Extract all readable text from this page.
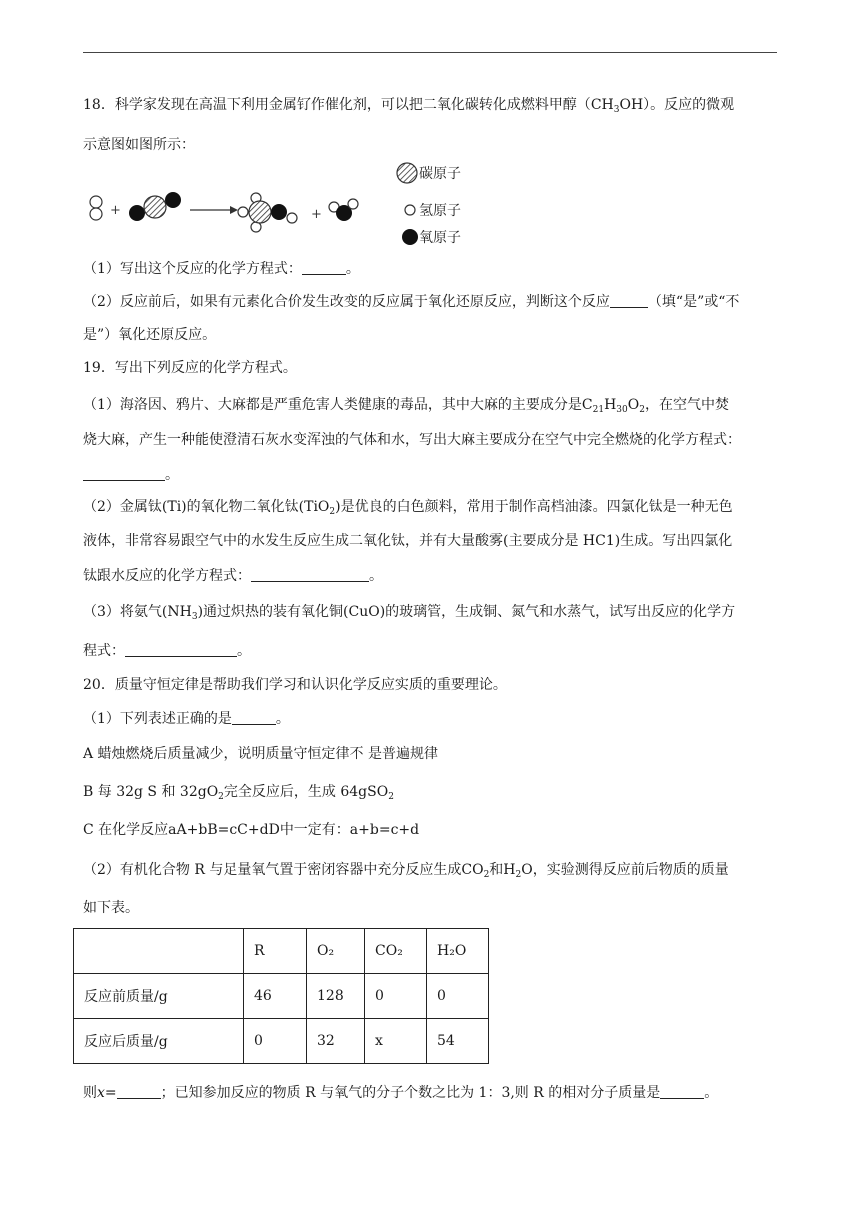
18．科学家发现在高温下利用金属钌作催化剂，可以把二氧化碳转化成燃料甲醇$(CH_3OH)$。反应的微观
示意图如图所示：
+	+
碳原子
氢原子
氧原子
（1）写出这个反应的化学方程式：	。
（2）反应前后，如果有元素化合价发生改变的反应属于氧化还原反应，判断这个反应	（填“是”或“不
是”）氧化还原反应。
19．写出下列反应的化学方程式。
（1）海洛因、鸦片、大麻都是严重危害人类健康的毒品，其中大麻的主要成分是$C_{21}H_{30}O_2$，在空气中焚
烧大麻，产生一种能使澄清石灰水变浑浊的气体和水，写出大麻主要成分在空气中完全燃烧的化学方程式：
。
（2）金属钛(Ti)的氧化物二氧化钛(TiO$_2$)是优良的白色颜料，常用于制作高档油漆。四氯化钛是一种无色
液体，非常容易跟空气中的水发生反应生成二氧化钛，并有大量酸雾(主要成分是 HC1)生成。写出四氯化
钛跟水反应的化学方程式：	。
（3）将氨气$(NH_3)$通过炽热的装有氧化铜(CuO)的玻璃管，生成铜、氮气和水蒸气，试写出反应的化学方
程式：	。
20．质量守恒定律是帮助我们学习和认识化学反应实质的重要理论。
（1）下列表述正确的是	。
A 蜡烛燃烧后质量减少，说明质量守恒定律不 是普遍规律
B 每 32g S 和 $32gO_2$完全反应后，生成 64gSO$_2$
C 在化学反应aA+bB=cC+dD中一定有：a+b=c+d
（2）有机化合物 R 与足量氧气置于密闭容器中充分反应生成$CO_2$和$H_2O$，实验测得反应前后物质的质量
如下表。
	R	O₂	CO₂	H₂O
反应前质量/g	46	128	0	0
反应后质量/g	0	32	x	54
则x=	；已知参加反应的物质 R 与氧气的分子个数之比为 1：3,则 R 的相对分子质量是	。
